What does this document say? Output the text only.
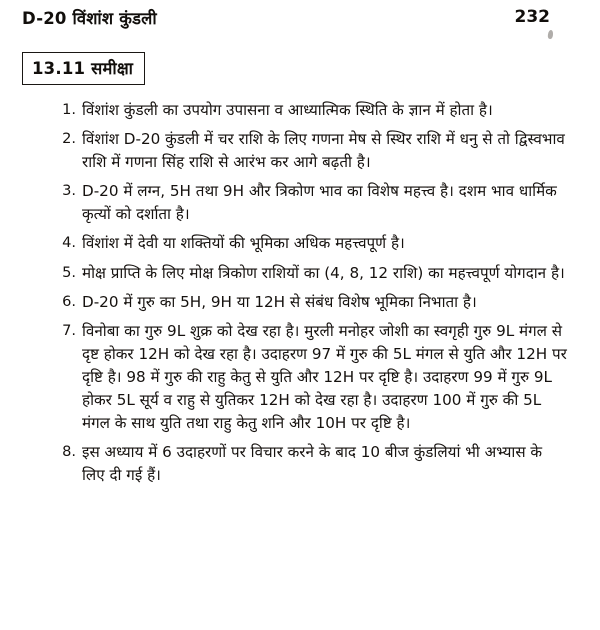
D-20 विंशांश कुंडली	232
13.11 समीक्षा
1. विंशांश कुंडली का उपयोग उपासना व आध्यात्मिक स्थिति के ज्ञान में होता है।
2. विंशांश D-20 कुंडली में चर राशि के लिए गणना मेष से स्थिर राशि में धनु से तो द्विस्वभाव राशि में गणना सिंह राशि से आरंभ कर आगे बढ़ती है।
3. D-20 में लग्न, 5H तथा 9H और त्रिकोण भाव का विशेष महत्त्व है। दशम भाव धार्मिक कृत्यों को दर्शाता है।
4. विंशांश में देवी या शक्तियों की भूमिका अधिक महत्त्वपूर्ण है।
5. मोक्ष प्राप्ति के लिए मोक्ष त्रिकोण राशियों का (4, 8, 12 राशि) का महत्त्वपूर्ण योगदान है।
6. D-20 में गुरु का 5H, 9H या 12H से संबंध विशेष भूमिका निभाता है।
7. विनोबा का गुरु 9L शुक्र को देख रहा है। मुरली मनोहर जोशी का स्वगृही गुरु 9L मंगल से दृष्ट होकर 12H को देख रहा है। उदाहरण 97 में गुरु की 5L मंगल से युति और 12H पर दृष्टि है। 98 में गुरु की राहु केतु से युति और 12H पर दृष्टि है। उदाहरण 99 में गुरु 9L होकर 5L सूर्य व राहु से युतिकर 12H को देख रहा है। उदाहरण 100 में गुरु की 5L मंगल के साथ युति तथा राहु केतु शनि और 10H पर दृष्टि है।
8. इस अध्याय में 6 उदाहरणों पर विचार करने के बाद 10 बीज कुंडलियां भी अभ्यास के लिए दी गई हैं।
